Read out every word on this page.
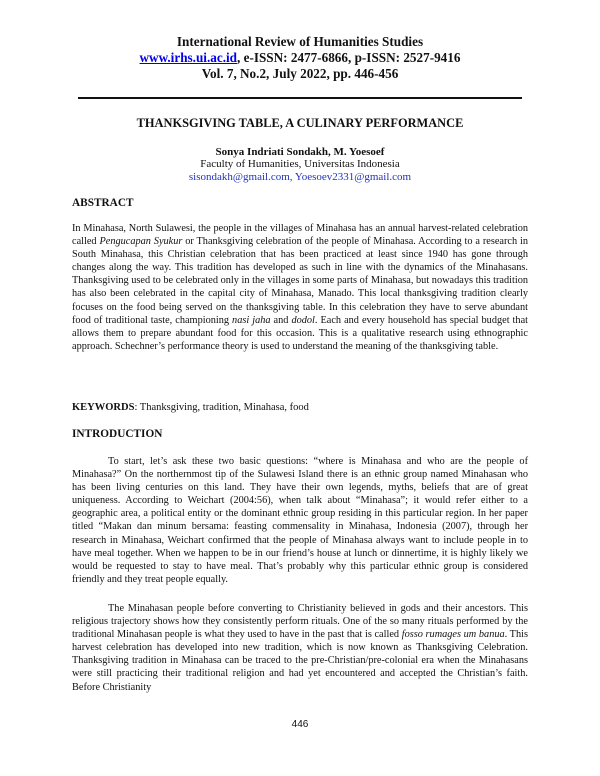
International Review of Humanities Studies
www.irhs.ui.ac.id, e-ISSN: 2477-6866, p-ISSN: 2527-9416
Vol. 7, No.2, July 2022, pp. 446-456
THANKSGIVING TABLE, A CULINARY PERFORMANCE
Sonya Indriati Sondakh, M. Yoesoef
Faculty of Humanities, Universitas Indonesia
sisondakh@gmail.com, Yoesoev2331@gmail.com
ABSTRACT

In Minahasa, North Sulawesi, the people in the villages of Minahasa has an annual harvest-related celebration called Pengucapan Syukur or Thanksgiving celebration of the people of Minahasa. According to a research in South Minahasa, this Christian celebration that has been practiced at least since 1940 has gone through changes along the way. This tradition has developed as such in line with the dynamics of the Minahasans. Thanksgiving used to be celebrated only in the villages in some parts of Minahasa, but nowadays this tradition has also been celebrated in the capital city of Minahasa, Manado. This local thanksgiving tradition clearly focuses on the food being served on the thanksgiving table. In this celebration they have to serve abundant food of traditional taste, championing nasi jaha and dodol. Each and every household has special budget that allows them to prepare abundant food for this occasion. This is a qualitative research using ethnographic approach. Schechner’s performance theory is used to understand the meaning of the thanksgiving table.

KEYWORDS: Thanksgiving, tradition, Minahasa, food
INTRODUCTION

To start, let’s ask these two basic questions: “where is Minahasa and who are the people of Minahasa?” On the northernmost tip of the Sulawesi Island there is an ethnic group named Minahasan who has been living centuries on this land. They have their own legends, myths, beliefs that are of great uniqueness. According to Weichart (2004:56), when talk about “Minahasa”; it would refer either to a geographic area, a political entity or the dominant ethnic group residing in this particular region. In her paper titled “Makan dan minum bersama: feasting commensality in Minahasa, Indonesia (2007), through her research in Minahasa, Weichart confirmed that the people of Minahasa always want to include people in to have meal together. When we happen to be in our friend’s house at lunch or dinnertime, it is highly likely we would be requested to stay to have meal. That’s probably why this particular ethnic group is considered friendly and they treat people equally.

The Minahasan people before converting to Christianity believed in gods and their ancestors. This religious trajectory shows how they consistently perform rituals. One of the so many rituals performed by the traditional Minahasan people is what they used to have in the past that is called fosso rumages um banua. This harvest celebration has developed into new tradition, which is now known as Thanksgiving Celebration. Thanksgiving tradition in Minahasa can be traced to the pre-Christian/pre-colonial era when the Minahasans were still practicing their traditional religion and had yet encountered and accepted the Christian’s faith. Before Christianity

446
